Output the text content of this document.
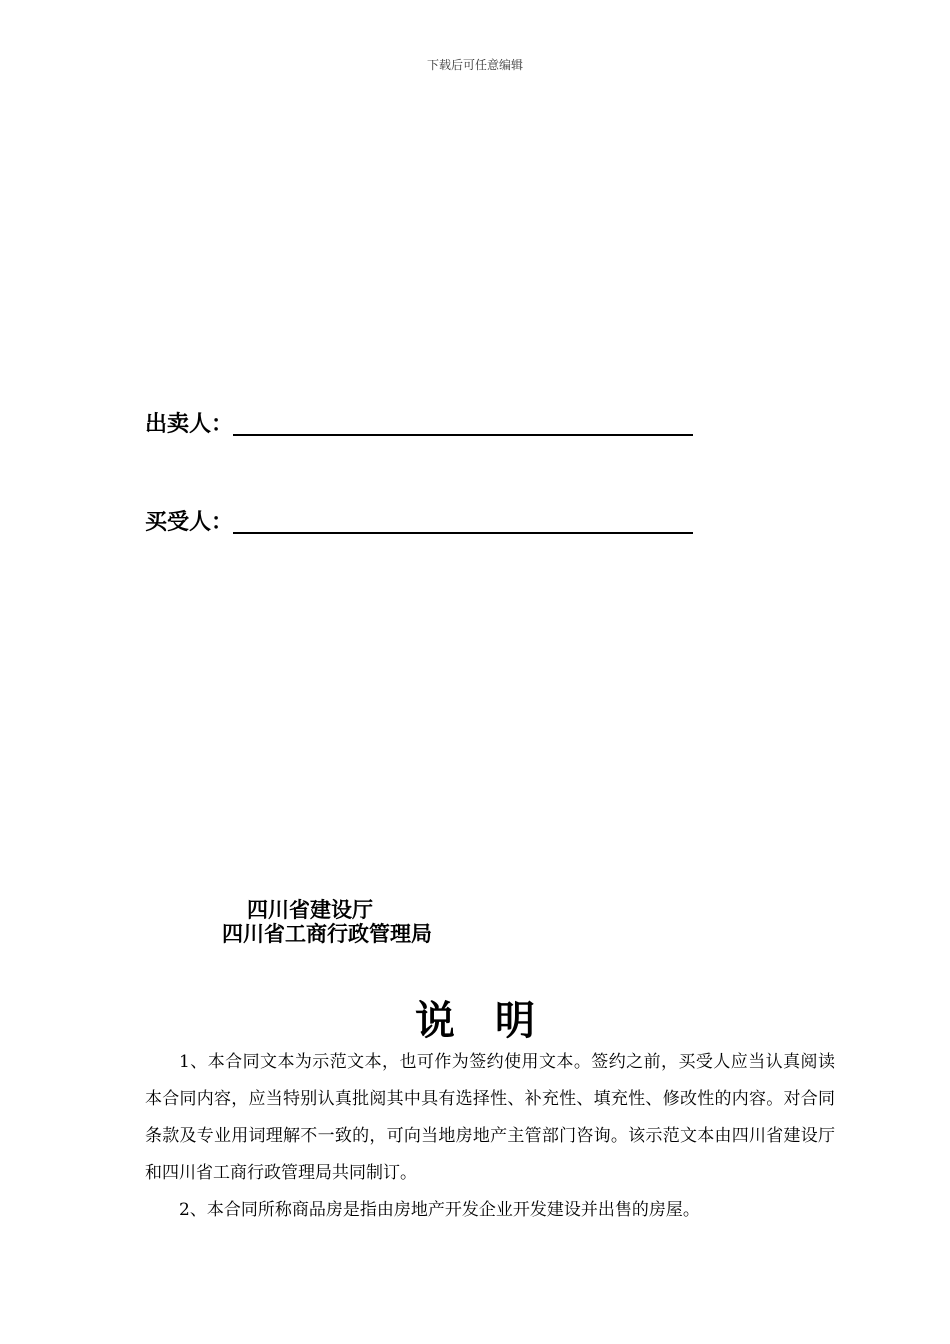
下载后可任意编辑
出卖人：
买受人：
四川省建设厅
四川省工商行政管理局
说明

1、本合同文本为示范文本，也可作为签约使用文本。签约之前，买受人应当认真阅读本合同内容，应当特别认真批阅其中具有选择性、补充性、填充性、修改性的内容。对合同条款及专业用词理解不一致的，可向当地房地产主管部门咨询。该示范文本由四川省建设厅和四川省工商行政管理局共同制订。

2、本合同所称商品房是指由房地产开发企业开发建设并出售的房屋。
